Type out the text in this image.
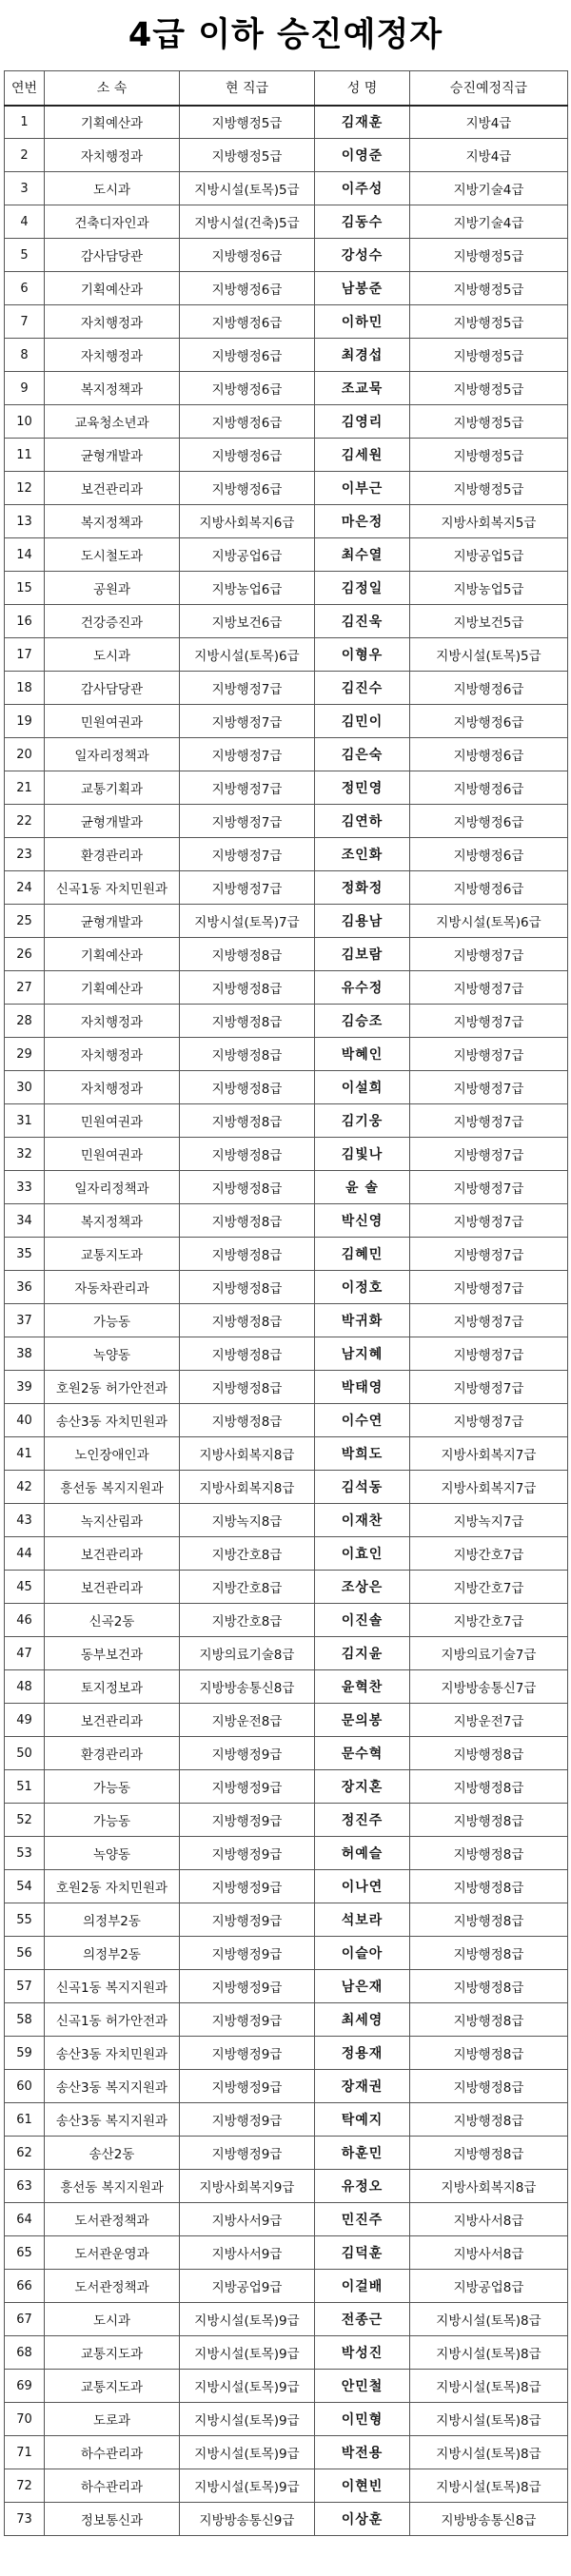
4급 이하 승진예정자
연번	소 속	현 직급	성 명	승진예정직급
1	기획예산과	지방행정5급	김재훈	지방4급
2	자치행정과	지방행정5급	이영준	지방4급
3	도시과	지방시설(토목)5급	이주성	지방기술4급
4	건축디자인과	지방시설(건축)5급	김동수	지방기술4급
5	감사담당관	지방행정6급	강성수	지방행정5급
6	기획예산과	지방행정6급	남봉준	지방행정5급
7	자치행정과	지방행정6급	이하민	지방행정5급
8	자치행정과	지방행정6급	최경섭	지방행정5급
9	복지정책과	지방행정6급	조교묵	지방행정5급
10	교육청소년과	지방행정6급	김영리	지방행정5급
11	균형개발과	지방행정6급	김세원	지방행정5급
12	보건관리과	지방행정6급	이부근	지방행정5급
13	복지정책과	지방사회복지6급	마은정	지방사회복지5급
14	도시철도과	지방공업6급	최수열	지방공업5급
15	공원과	지방농업6급	김정일	지방농업5급
16	건강증진과	지방보건6급	김진욱	지방보건5급
17	도시과	지방시설(토목)6급	이형우	지방시설(토목)5급
18	감사담당관	지방행정7급	김진수	지방행정6급
19	민원여권과	지방행정7급	김민이	지방행정6급
20	일자리정책과	지방행정7급	김은숙	지방행정6급
21	교통기획과	지방행정7급	정민영	지방행정6급
22	균형개발과	지방행정7급	김연하	지방행정6급
23	환경관리과	지방행정7급	조인화	지방행정6급
24	신곡1동 자치민원과	지방행정7급	정화정	지방행정6급
25	균형개발과	지방시설(토목)7급	김용남	지방시설(토목)6급
26	기획예산과	지방행정8급	김보람	지방행정7급
27	기획예산과	지방행정8급	유수정	지방행정7급
28	자치행정과	지방행정8급	김승조	지방행정7급
29	자치행정과	지방행정8급	박혜인	지방행정7급
30	자치행정과	지방행정8급	이설희	지방행정7급
31	민원여권과	지방행정8급	김기웅	지방행정7급
32	민원여권과	지방행정8급	김빛나	지방행정7급
33	일자리정책과	지방행정8급	윤 솔	지방행정7급
34	복지정책과	지방행정8급	박신영	지방행정7급
35	교통지도과	지방행정8급	김혜민	지방행정7급
36	자동차관리과	지방행정8급	이정호	지방행정7급
37	가능동	지방행정8급	박귀화	지방행정7급
38	녹양동	지방행정8급	남지혜	지방행정7급
39	호원2동 허가안전과	지방행정8급	박태영	지방행정7급
40	송산3동 자치민원과	지방행정8급	이수연	지방행정7급
41	노인장애인과	지방사회복지8급	박희도	지방사회복지7급
42	흥선동 복지지원과	지방사회복지8급	김석동	지방사회복지7급
43	녹지산림과	지방녹지8급	이재찬	지방녹지7급
44	보건관리과	지방간호8급	이효인	지방간호7급
45	보건관리과	지방간호8급	조상은	지방간호7급
46	신곡2동	지방간호8급	이진솔	지방간호7급
47	동부보건과	지방의료기술8급	김지윤	지방의료기술7급
48	토지정보과	지방방송통신8급	윤혁찬	지방방송통신7급
49	보건관리과	지방운전8급	문의봉	지방운전7급
50	환경관리과	지방행정9급	문수혁	지방행정8급
51	가능동	지방행정9급	장지혼	지방행정8급
52	가능동	지방행정9급	정진주	지방행정8급
53	녹양동	지방행정9급	허예슬	지방행정8급
54	호원2동 자치민원과	지방행정9급	이나연	지방행정8급
55	의정부2동	지방행정9급	석보라	지방행정8급
56	의정부2동	지방행정9급	이슬아	지방행정8급
57	신곡1동 복지지원과	지방행정9급	남은재	지방행정8급
58	신곡1동 허가안전과	지방행정9급	최세영	지방행정8급
59	송산3동 자치민원과	지방행정9급	정용재	지방행정8급
60	송산3동 복지지원과	지방행정9급	장재권	지방행정8급
61	송산3동 복지지원과	지방행정9급	탁예지	지방행정8급
62	송산2동	지방행정9급	하훈민	지방행정8급
63	흥선동 복지지원과	지방사회복지9급	유정오	지방사회복지8급
64	도서관정책과	지방사서9급	민진주	지방사서8급
65	도서관운영과	지방사서9급	김덕훈	지방사서8급
66	도서관정책과	지방공업9급	이걸배	지방공업8급
67	도시과	지방시설(토목)9급	전종근	지방시설(토목)8급
68	교통지도과	지방시설(토목)9급	박성진	지방시설(토목)8급
69	교통지도과	지방시설(토목)9급	안민철	지방시설(토목)8급
70	도로과	지방시설(토목)9급	이민형	지방시설(토목)8급
71	하수관리과	지방시설(토목)9급	박전용	지방시설(토목)8급
72	하수관리과	지방시설(토목)9급	이현빈	지방시설(토목)8급
73	정보통신과	지방방송통신9급	이상훈	지방방송통신8급
